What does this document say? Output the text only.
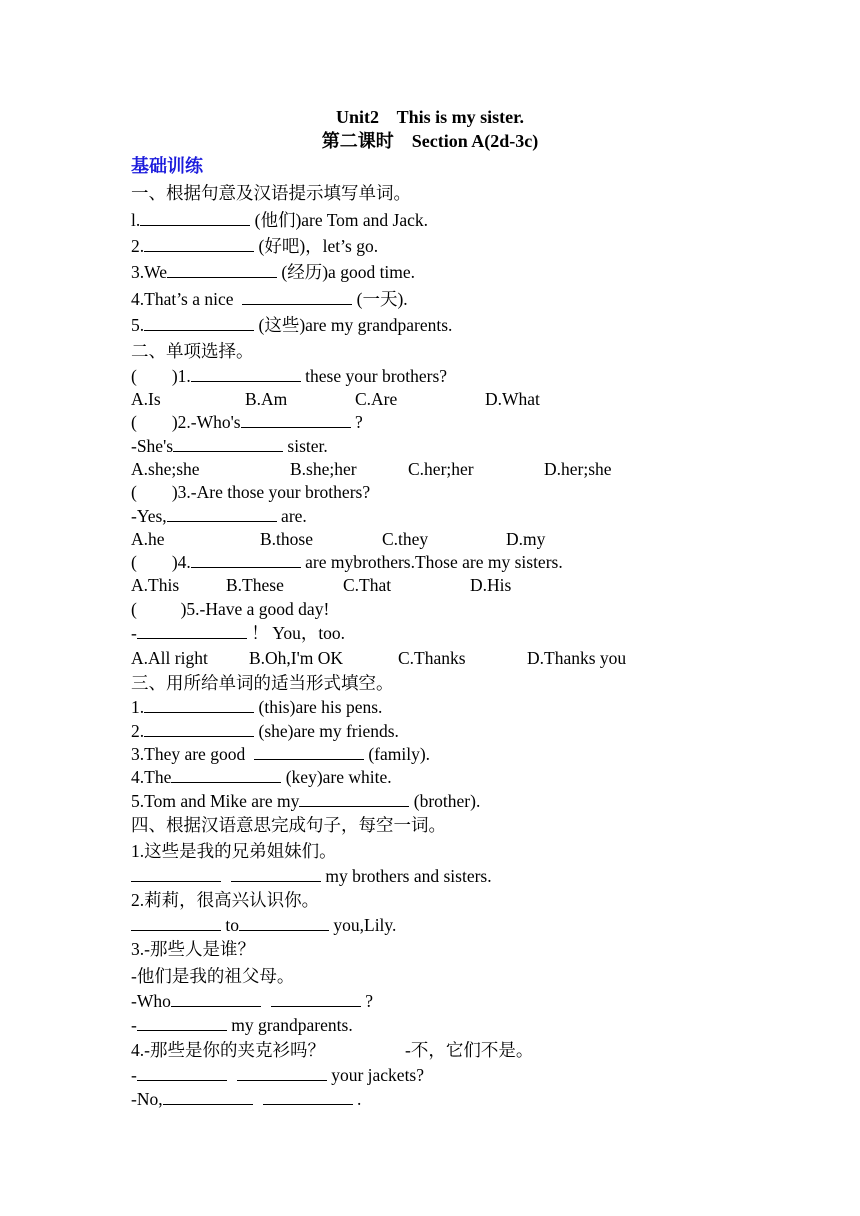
Unit2    This is my sister.
第二课时    Section A(2d-3c)
基础训练
一、根据句意及汉语提示填写单词。
l.	(他们)are Tom and Jack.
2.	(好吧)，let’s go.
3.We	(经历)a good time.
4.That’s a nice	(一天).
5.	(这些)are my grandparents.
二、单项选择。
(        )1.	these your brothers?
A.Is	B.Am	C.Are	D.What
(        )2.-Who's	?
-She's	sister.
A.she;she	B.she;her	C.her;her	D.her;she
(        )3.-Are those your brothers?
-Yes,	are.
A.he	B.those	C.they	D.my
(        )4.	are mybrothers.Those are my sisters.
A.This	B.These	C.That	D.His
(          )5.-Have a good day!
-	！ You，too.
A.All right B.Oh,I'm OK	C.Thanks	D.Thanks you
三、用所给单词的适当形式填空。
1.	(this)are his pens.
2.	(she)are my friends.
3.They are good	(family).
4.The	(key)are white.
5.Tom and Mike are my	(brother).
四、根据汉语意思完成句子，每空一词。
1.这些是我的兄弟姐妹们。
my brothers and sisters.
2.莉莉，很高兴认识你。
to	you,Lily.
3.-那些人是谁？
-他们是我的祖父母。
-Who	?
-	my grandparents.
4.-那些是你的夹克衫吗？	-不，它们不是。
-	your jackets?
-No,	.
